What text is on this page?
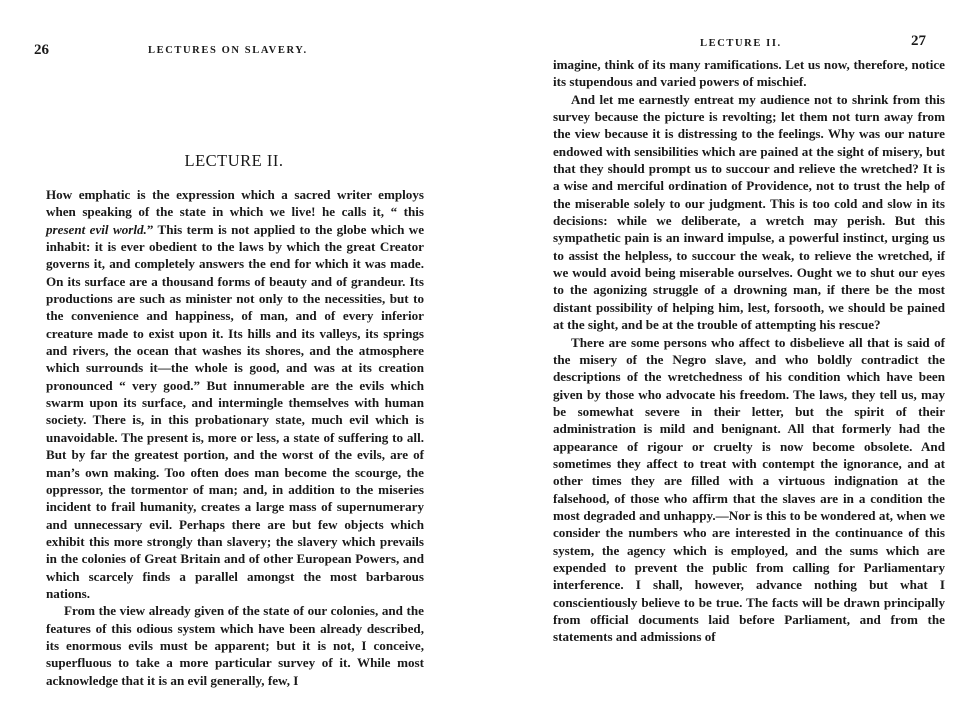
26	LECTURES ON SLAVERY.
LECTURE II.

How emphatic is the expression which a sacred writer employs when speaking of the state in which we live! he calls it, “ this present evil world.” This term is not applied to the globe which we inhabit: it is ever obedient to the laws by which the great Creator governs it, and completely answers the end for which it was made. On its surface are a thousand forms of beauty and of grandeur. Its productions are such as minister not only to the necessities, but to the convenience and happiness, of man, and of every inferior creature made to exist upon it. Its hills and its valleys, its springs and rivers, the ocean that washes its shores, and the atmosphere which surrounds it—the whole is good, and was at its creation pronounced “ very good.” But innumerable are the evils which swarm upon its surface, and intermingle themselves with human society. There is, in this probationary state, much evil which is unavoidable. The present is, more or less, a state of suffering to all. But by far the greatest portion, and the worst of the evils, are of man’s own making. Too often does man become the scourge, the oppressor, the tormentor of man; and, in addition to the miseries incident to frail humanity, creates a large mass of supernumerary and unnecessary evil. Perhaps there are but few objects which exhibit this more strongly than slavery; the slavery which prevails in the colonies of Great Britain and of other European Powers, and which scarcely finds a parallel amongst the most barbarous nations.

From the view already given of the state of our colonies, and the features of this odious system which have been already described, its enormous evils must be apparent; but it is not, I conceive, superfluous to take a more particular survey of it. While most acknowledge that it is an evil generally, few, I

LECTURE II.	27

imagine, think of its many ramifications. Let us now, therefore, notice its stupendous and varied powers of mischief.

And let me earnestly entreat my audience not to shrink from this survey because the picture is revolting; let them not turn away from the view because it is distressing to the feelings. Why was our nature endowed with sensibilities which are pained at the sight of misery, but that they should prompt us to succour and relieve the wretched? It is a wise and merciful ordination of Providence, not to trust the help of the miserable solely to our judgment. This is too cold and slow in its decisions: while we deliberate, a wretch may perish. But this sympathetic pain is an inward impulse, a powerful instinct, urging us to assist the helpless, to succour the weak, to relieve the wretched, if we would avoid being miserable ourselves. Ought we to shut our eyes to the agonizing struggle of a drowning man, if there be the most distant possibility of helping him, lest, forsooth, we should be pained at the sight, and be at the trouble of attempting his rescue?

There are some persons who affect to disbelieve all that is said of the misery of the Negro slave, and who boldly contradict the descriptions of the wretchedness of his condition which have been given by those who advocate his freedom. The laws, they tell us, may be somewhat severe in their letter, but the spirit of their administration is mild and benignant. All that formerly had the appearance of rigour or cruelty is now become obsolete. And sometimes they affect to treat with contempt the ignorance, and at other times they are filled with a virtuous indignation at the falsehood, of those who affirm that the slaves are in a condition the most degraded and unhappy.—Nor is this to be wondered at, when we consider the numbers who are interested in the continuance of this system, the agency which is employed, and the sums which are expended to prevent the public from calling for Parliamentary interference. I shall, however, advance nothing but what I conscientiously believe to be true. The facts will be drawn principally from official documents laid before Parliament, and from the statements and admissions of
